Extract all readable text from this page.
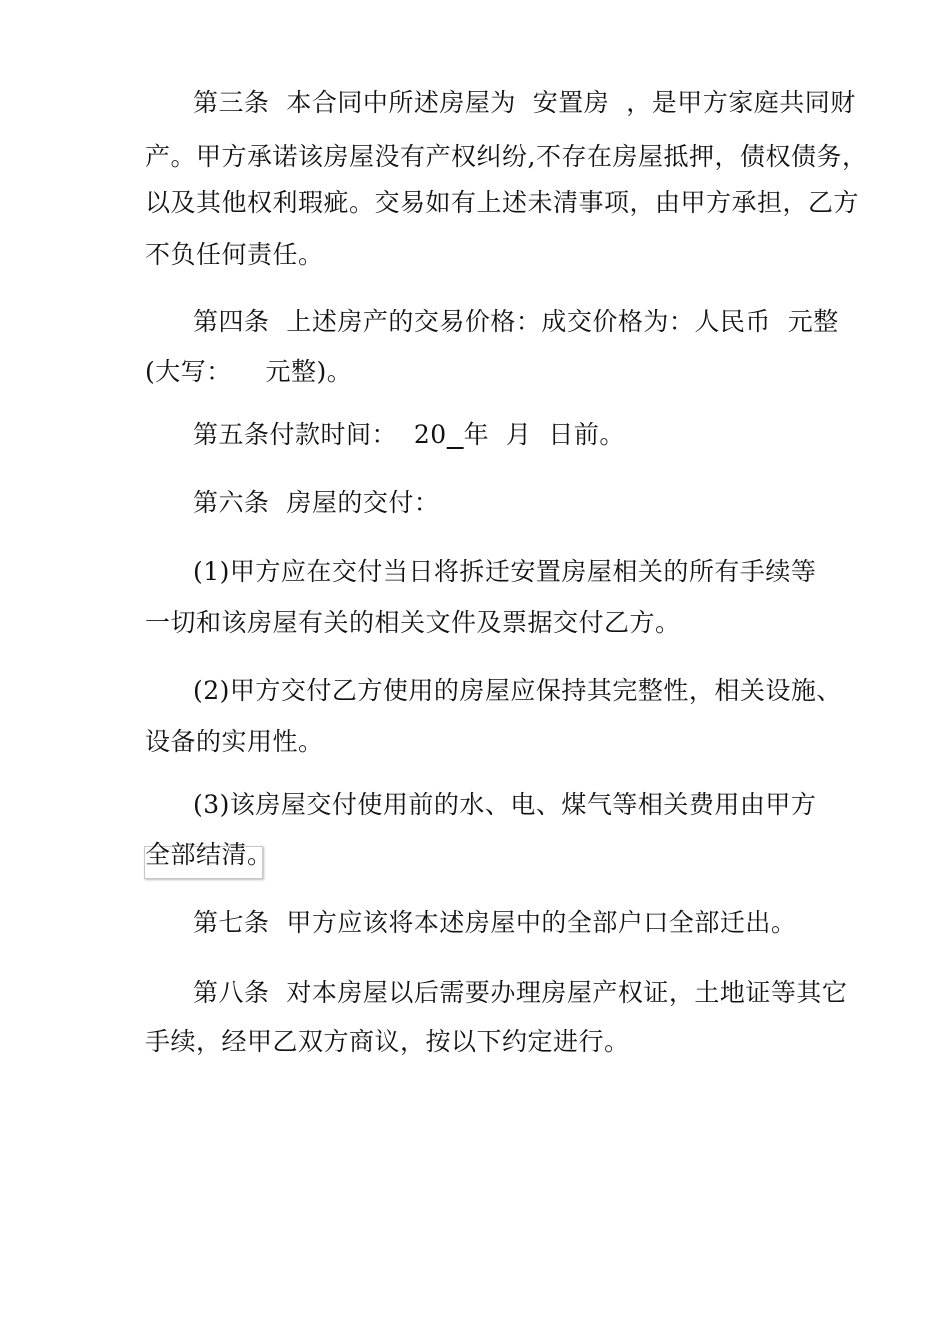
第三条  本合同中所述房屋为  安置房  ，是甲方家庭共同财
产。甲方承诺该房屋没有产权纠纷,不存在房屋抵押，债权债务，
以及其他权利瑕疵。交易如有上述未清事项，由甲方承担，乙方
不负任何责任。
第四条  上述房产的交易价格：成交价格为：人民币  元整
(大写：    元整)。
第五条付款时间：  20 年  月  日前。
第六条  房屋的交付：
(1)甲方应在交付当日将拆迁安置房屋相关的所有手续等
一切和该房屋有关的相关文件及票据交付乙方。
(2)甲方交付乙方使用的房屋应保持其完整性，相关设施、
设备的实用性。
(3)该房屋交付使用前的水、电、煤气等相关费用由甲方
全部结清。
第七条  甲方应该将本述房屋中的全部户口全部迁出。
第八条  对本房屋以后需要办理房屋产权证，土地证等其它
手续，经甲乙双方商议，按以下约定进行。
